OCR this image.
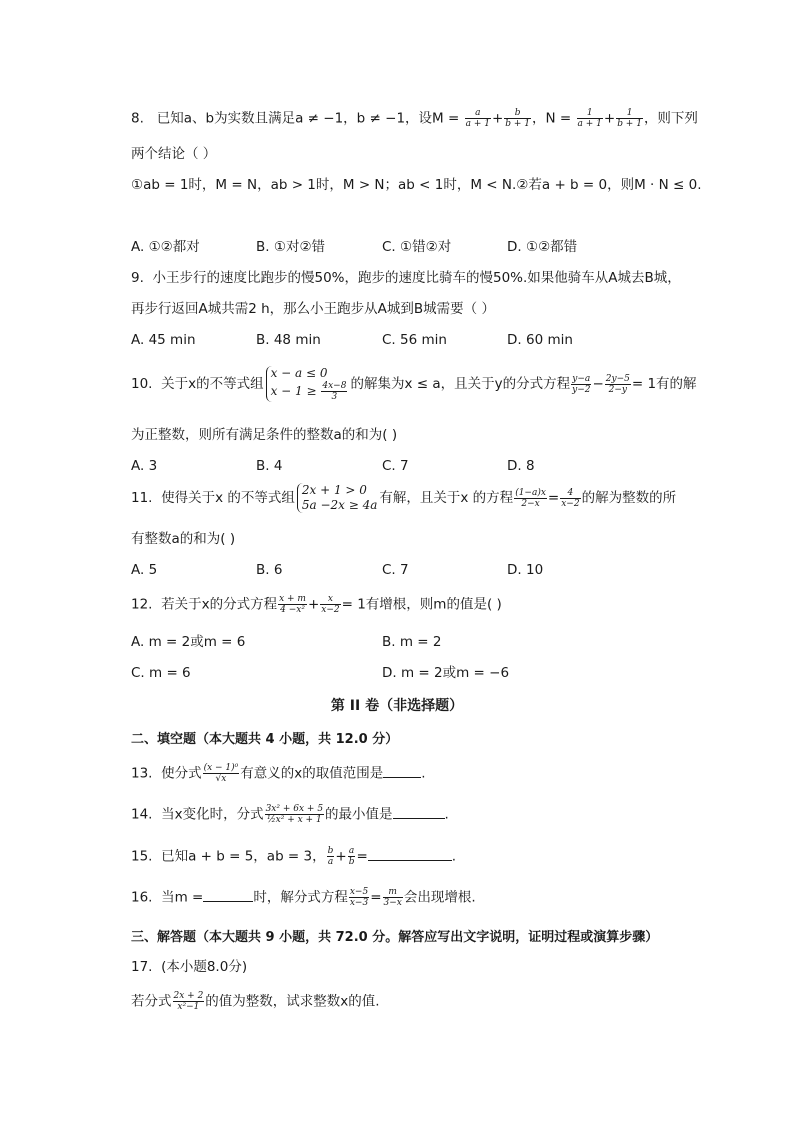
8. 已知a、b为实数且满足a ≠ −1，b ≠ −1，设$M = \frac{a}{a + 1} + \frac{b}{b + 1}$ ，$N = \frac{1}{a + 1} + \frac{1}{b + 1}$ ，则下列
两个结论（ ）
①ab = 1时，M = N，ab > 1时，M > N；ab < 1时，M < N.②若a + b = 0，则M · N ≤ 0.
A. ①②都对	B. ①对②错	C. ①错②对	D. ①②都错
9. 小王步行的速度比跑步的慢50%，跑步的速度比骑车的慢50%.如果他骑车从A城去B城，
再步行返回A城共需2 h，那么小王跑步从A城到B城需要（ ）
A. 45 min	B. 48 min	C. 56 min	D. 60 min
10. 关于x的不等式组
x − a ≤ 0
$x - 1 \ge \frac{4x-8}{3}$ 的解集为x ≤ a，且关于y的分式方程 $\frac{y-a}{y-2} - \frac{2y-5}{2-y} = 1$有的解
为正整数，则所有满足条件的整数a的和为( )
A. 3	B. 4	C. 7	D. 8
11. 使得关于x 的不等式组 2x + 1 > 0
5a −2x ≥ 4a 有解，且关于x 的方程 $\frac{(1-a)x}{2-x} = \frac{4}{x-2}$ 的解为整数的所
有整数a的和为( )
A. 5	B. 6	C. 7	D. 10
12. 若关于x的分式方程 $\frac{x + m}{\text{4 −x²}} + \frac{x}{x-2} = 1$有增根，则m的值是( )
A. m = 2或m = 6	B. m = 2
C. m = 6	D. m = 2或m = −6
第 II 卷（非选择题）
二、填空题（本大题共 4 小题，共 12.0 分）
13. 使分式 $\frac{\text{(x − 1)⁰}}{√x}$ 有意义的x的取值范围是	.
14. 当x变化时，分式 $\frac{\text{3x² + 6x + 5}}{\text{½x² + x + 1}}$ 的最小值是	.
15. 已知a + b = 5，ab = 3， $\frac{b}{a} + \frac{a}{b}$ =	.
16. 当m =	时，解分式方程 $\frac{x-5}{x-3} = \frac{m}{3-x}$ 会出现增根.
三、解答题（本大题共 9 小题，共 72.0 分。解答应写出文字说明，证明过程或演算步骤）
17. (本小题8.0分)
若分式 $\frac{2x + 2}{\text{x²−1}}$ 的值为整数，试求整数x的值.
